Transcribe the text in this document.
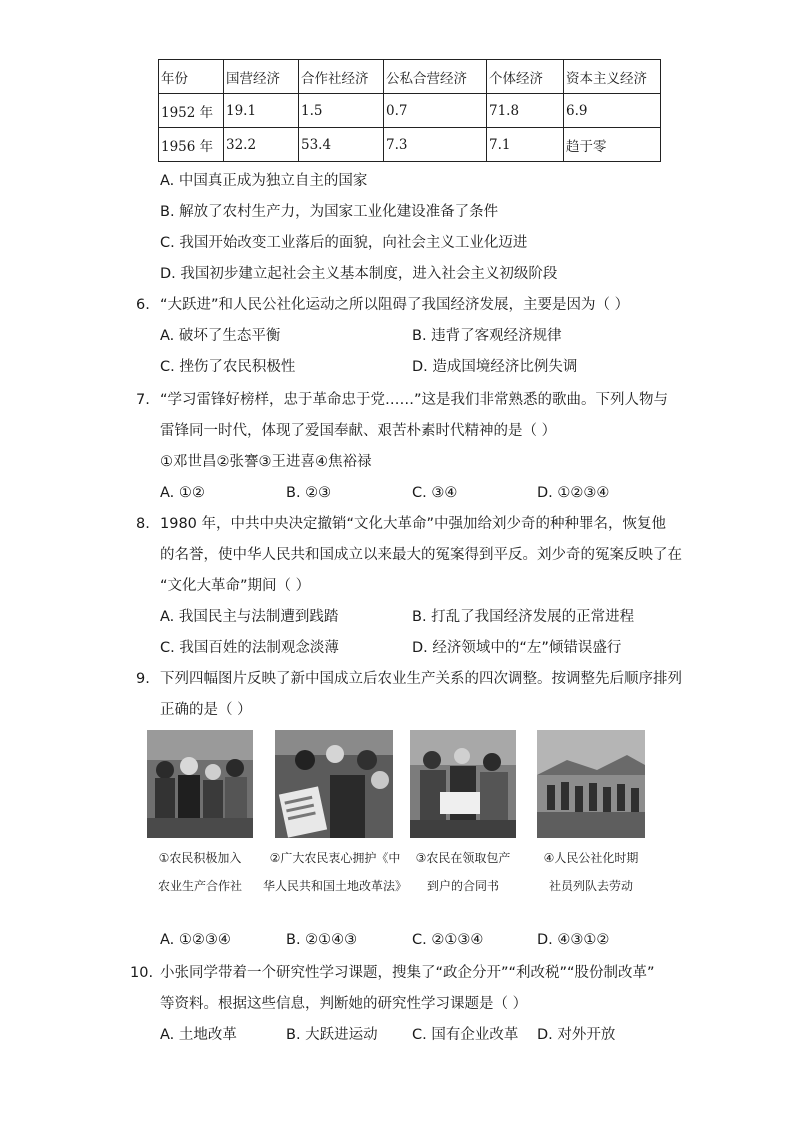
年份	国营经济	合作社经济	公私合营经济	个体经济	资本主义经济
1952 年	19.1	1.5	0.7	71.8	6.9
1956 年	32.2	53.4	7.3	7.1	趋于零
A. 中国真正成为独立自主的国家
B. 解放了农村生产力，为国家工业化建设准备了条件
C. 我国开始改变工业落后的面貌，向社会主义工业化迈进
D. 我国初步建立起社会主义基本制度，进入社会主义初级阶段
6. “大跃进”和人民公社化运动之所以阻碍了我国经济发展，主要是因为（ ）
A. 破坏了生态平衡	B. 违背了客观经济规律
C. 挫伤了农民积极性	D. 造成国境经济比例失调
7. “学习雷锋好榜样，忠于革命忠于党……”这是我们非常熟悉的歌曲。下列人物与
雷锋同一时代，体现了爱国奉献、艰苦朴素时代精神的是（ ）
①邓世昌②张謇③王进喜④焦裕禄
A. ①②	B. ②③	C. ③④	D. ①②③④
8. 1980 年，中共中央决定撤销“文化大革命”中强加给刘少奇的种种罪名，恢复他
的名誉，使中华人民共和国成立以来最大的冤案得到平反。刘少奇的冤案反映了在
“文化大革命”期间（ ）
A. 我国民主与法制遭到践踏	B. 打乱了我国经济发展的正常进程
C. 我国百姓的法制观念淡薄	D. 经济领域中的“左”倾错误盛行
9. 下列四幅图片反映了新中国成立后农业生产关系的四次调整。按调整先后顺序排列
正确的是（ ）
①农民积极加入
农业生产合作社
②广大农民衷心拥护《中
华人民共和国土地改革法》
③农民在领取包产
到户的合同书
④人民公社化时期
社员列队去劳动
A. ①②③④	B. ②①④③	C. ②①③④	D. ④③①②
10. 小张同学带着一个研究性学习课题，搜集了“政企分开”“利改税”“股份制改革”
等资料。根据这些信息，判断她的研究性学习课题是（ ）
A. 土地改革	B. 大跃进运动 C. 国有企业改革 D. 对外开放
